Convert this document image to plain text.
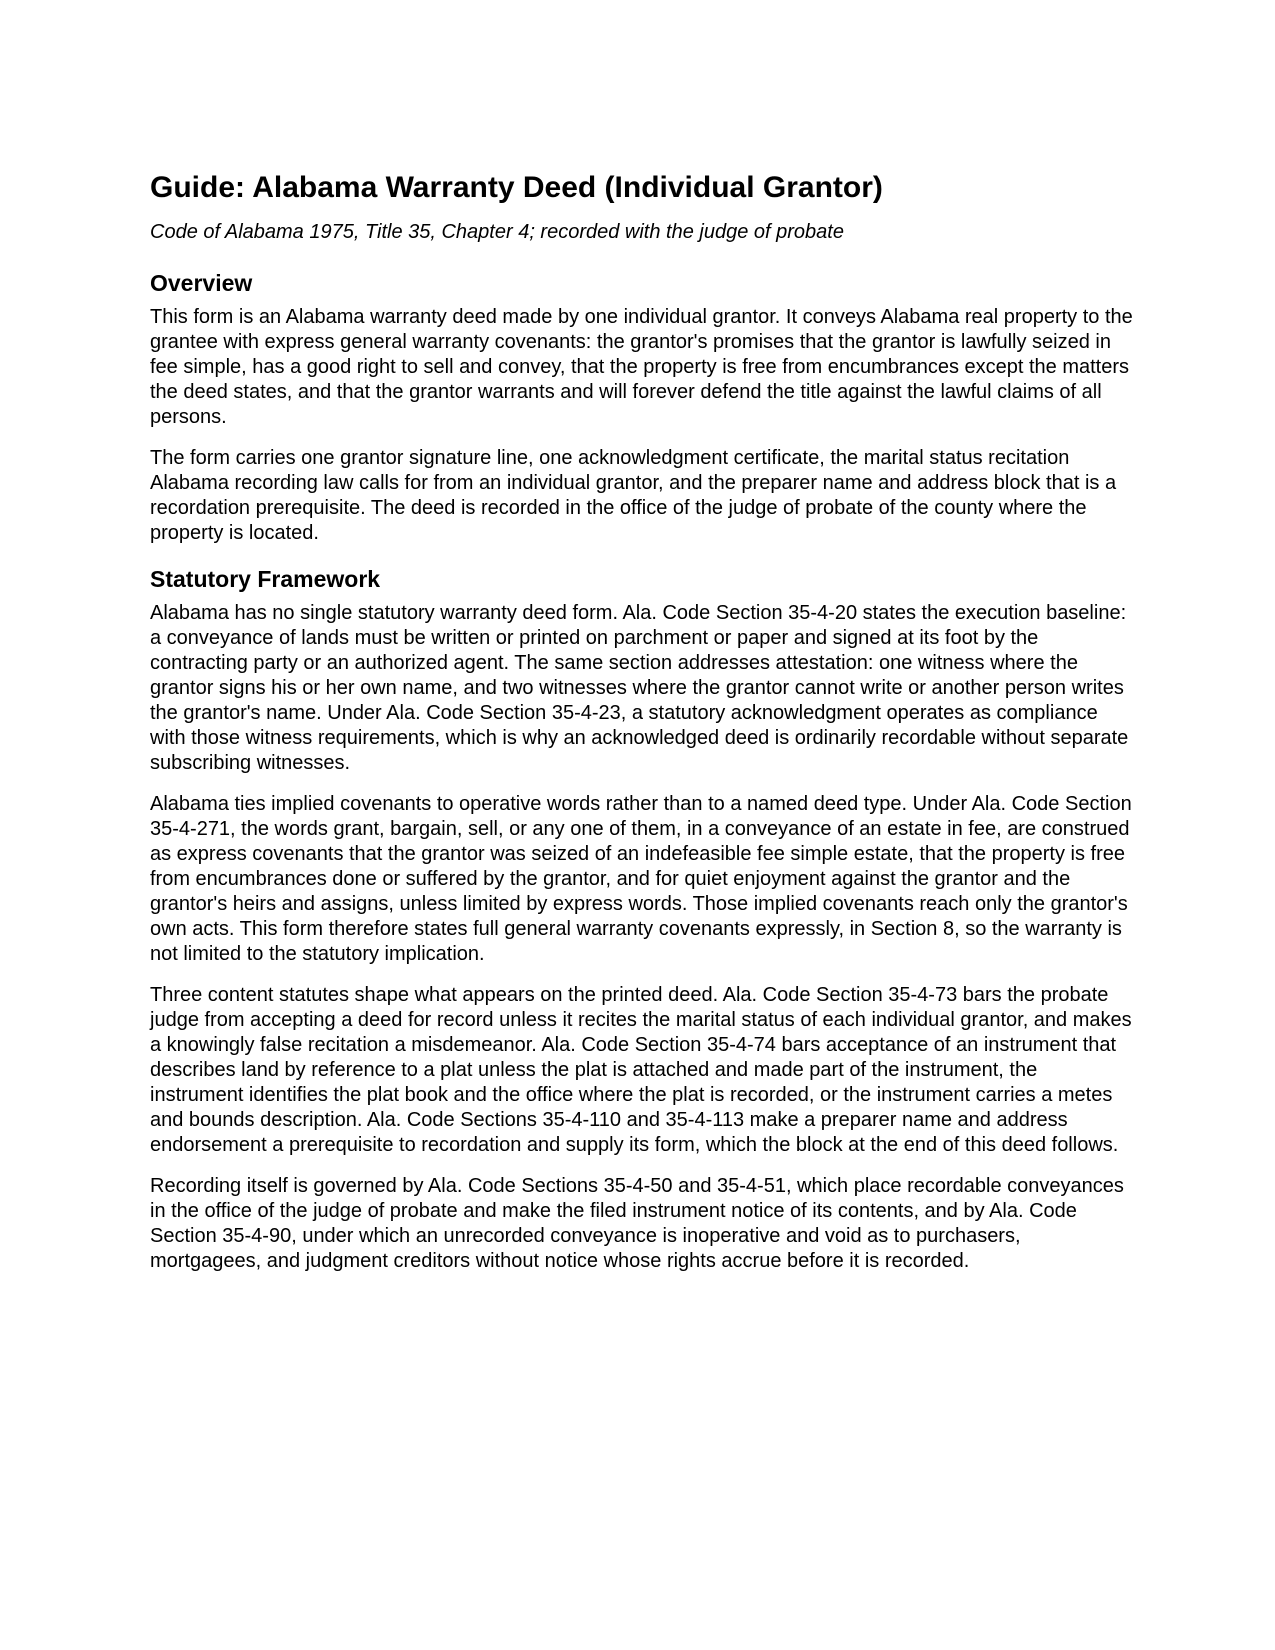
Guide: Alabama Warranty Deed (Individual Grantor)

Code of Alabama 1975, Title 35, Chapter 4; recorded with the judge of probate

Overview

This form is an Alabama warranty deed made by one individual grantor. It conveys Alabama real property to the grantee with express general warranty covenants: the grantor's promises that the grantor is lawfully seized in fee simple, has a good right to sell and convey, that the property is free from encumbrances except the matters the deed states, and that the grantor warrants and will forever defend the title against the lawful claims of all persons.

The form carries one grantor signature line, one acknowledgment certificate, the marital status recitation Alabama recording law calls for from an individual grantor, and the preparer name and address block that is a recordation prerequisite. The deed is recorded in the office of the judge of probate of the county where the property is located.

Statutory Framework

Alabama has no single statutory warranty deed form. Ala. Code Section 35-4-20 states the execution baseline: a conveyance of lands must be written or printed on parchment or paper and signed at its foot by the contracting party or an authorized agent. The same section addresses attestation: one witness where the grantor signs his or her own name, and two witnesses where the grantor cannot write or another person writes the grantor's name. Under Ala. Code Section 35-4-23, a statutory acknowledgment operates as compliance with those witness requirements, which is why an acknowledged deed is ordinarily recordable without separate subscribing witnesses.

Alabama ties implied covenants to operative words rather than to a named deed type. Under Ala. Code Section 35-4-271, the words grant, bargain, sell, or any one of them, in a conveyance of an estate in fee, are construed as express covenants that the grantor was seized of an indefeasible fee simple estate, that the property is free from encumbrances done or suffered by the grantor, and for quiet enjoyment against the grantor and the grantor's heirs and assigns, unless limited by express words. Those implied covenants reach only the grantor's own acts. This form therefore states full general warranty covenants expressly, in Section 8, so the warranty is not limited to the statutory implication.

Three content statutes shape what appears on the printed deed. Ala. Code Section 35-4-73 bars the probate judge from accepting a deed for record unless it recites the marital status of each individual grantor, and makes a knowingly false recitation a misdemeanor. Ala. Code Section 35-4-74 bars acceptance of an instrument that describes land by reference to a plat unless the plat is attached and made part of the instrument, the instrument identifies the plat book and the office where the plat is recorded, or the instrument carries a metes and bounds description. Ala. Code Sections 35-4-110 and 35-4-113 make a preparer name and address endorsement a prerequisite to recordation and supply its form, which the block at the end of this deed follows.

Recording itself is governed by Ala. Code Sections 35-4-50 and 35-4-51, which place recordable conveyances in the office of the judge of probate and make the filed instrument notice of its contents, and by Ala. Code Section 35-4-90, under which an unrecorded conveyance is inoperative and void as to purchasers, mortgagees, and judgment creditors without notice whose rights accrue before it is recorded.
